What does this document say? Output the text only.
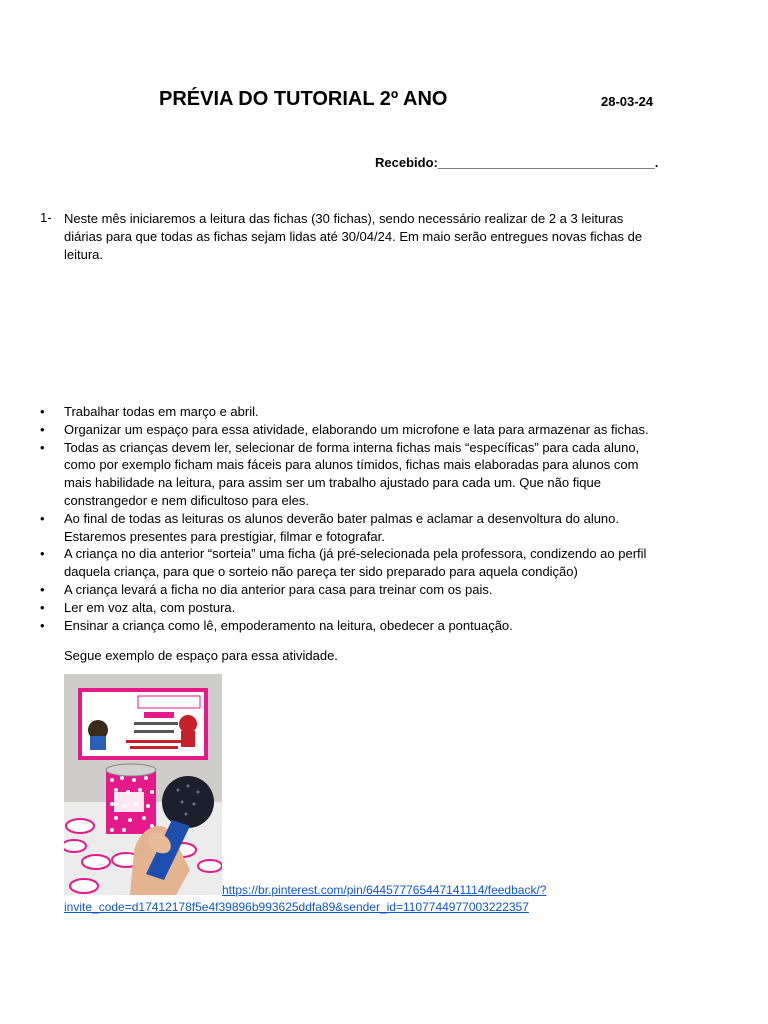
PRÉVIA DO TUTORIAL 2º ANO	28-03-24
Recebido:______________________________.
1- Neste mês iniciaremos a leitura das fichas (30 fichas), sendo necessário realizar de 2 a 3 leituras diárias para que todas as fichas sejam lidas até 30/04/24. Em maio serão entregues novas fichas de leitura.
• Trabalhar todas em março e abril.
• Organizar um espaço para essa atividade, elaborando um microfone e lata para armazenar as fichas.
• Todas as crianças devem ler, selecionar de forma interna fichas mais “específicas” para cada aluno, como por exemplo ficham mais fáceis para alunos tímidos, fichas mais elaboradas para alunos com mais habilidade na leitura, para assim ser um trabalho ajustado para cada um. Que não fique constrangedor e nem dificultoso para eles.
• Ao final de todas as leituras os alunos deverão bater palmas e aclamar a desenvoltura do aluno. Estaremos presentes para prestigiar, filmar e fotografar.
• A criança no dia anterior “sorteia” uma ficha (já pré-selecionada pela professora, condizendo ao perfil daquela criança, para que o sorteio não pareça ter sido preparado para aquela condição)
• A criança levará a ficha no dia anterior para casa para treinar com os pais.
• Ler em voz alta, com postura.
• Ensinar a criança como lê, empoderamento na leitura, obedecer a pontuação.
Segue exemplo de espaço para essa atividade.
https://br.pinterest.com/pin/644577765447141114/feedback/?
invite_code=d17412178f5e4f39896b993625ddfa89&sender_id=1107744977003222357
